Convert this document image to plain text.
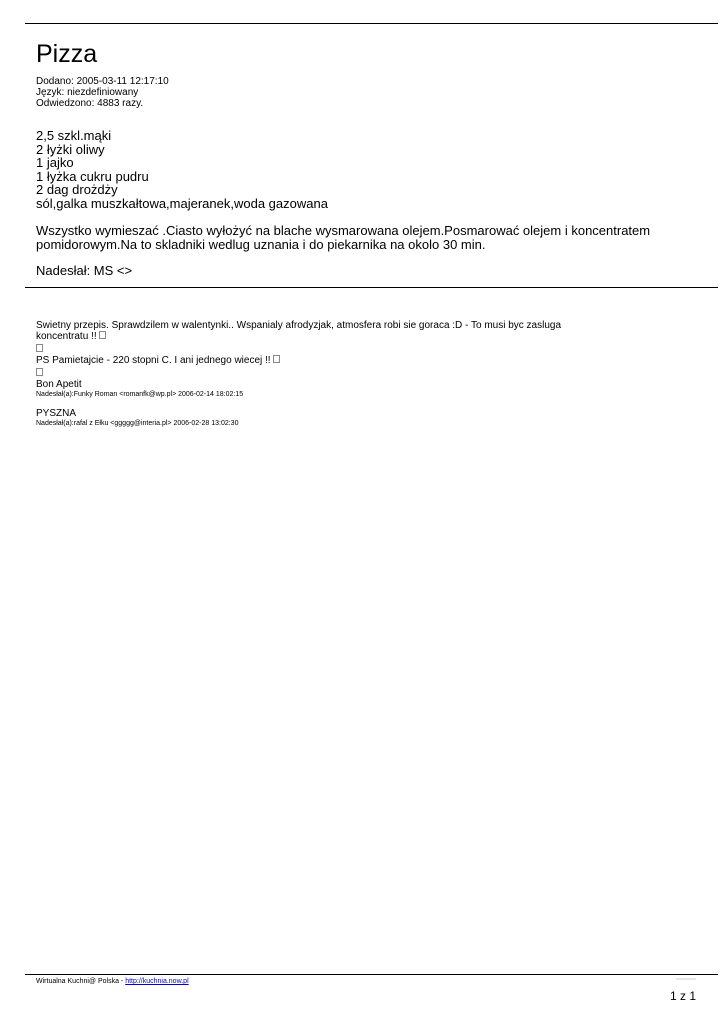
Pizza
Dodano: 2005-03-11 12:17:10
Język: niezdefiniowany
Odwiedzono: 4883 razy.
2,5 szkl.mąki
2 łyżki oliwy
1 jajko
1 łyżka cukru pudru
2 dag drożdży
sól,galka muszkałtowa,majeranek,woda gazowana
Wszystko wymieszać .Ciasto wyłożyć na blache wysmarowana olejem.Posmarować olejem i koncentratem pomidorowym.Na to skladniki wedlug uznania i do piekarnika na okolo 30 min.
Nadesłał: MS <>
Swietny przepis. Sprawdzilem w walentynki.. Wspanialy afrodyzjak, atmosfera robi sie goraca :D - To musi byc zasluga
koncentratu !!
PS Pamietajcie - 220 stopni C. I ani jednego wiecej !!
Bon Apetit
Nadesłał(a):Funky Roman <romanfk@wp.pl> 2006-02-14 18:02:15
PYSZNA
Nadesłał(a):rafal z Ełku <ggggg@interia.pl> 2006-02-28 13:02:30
Wirtualna Kuchni@ Polska - http://kuchnia.now.pl
1 z 1
